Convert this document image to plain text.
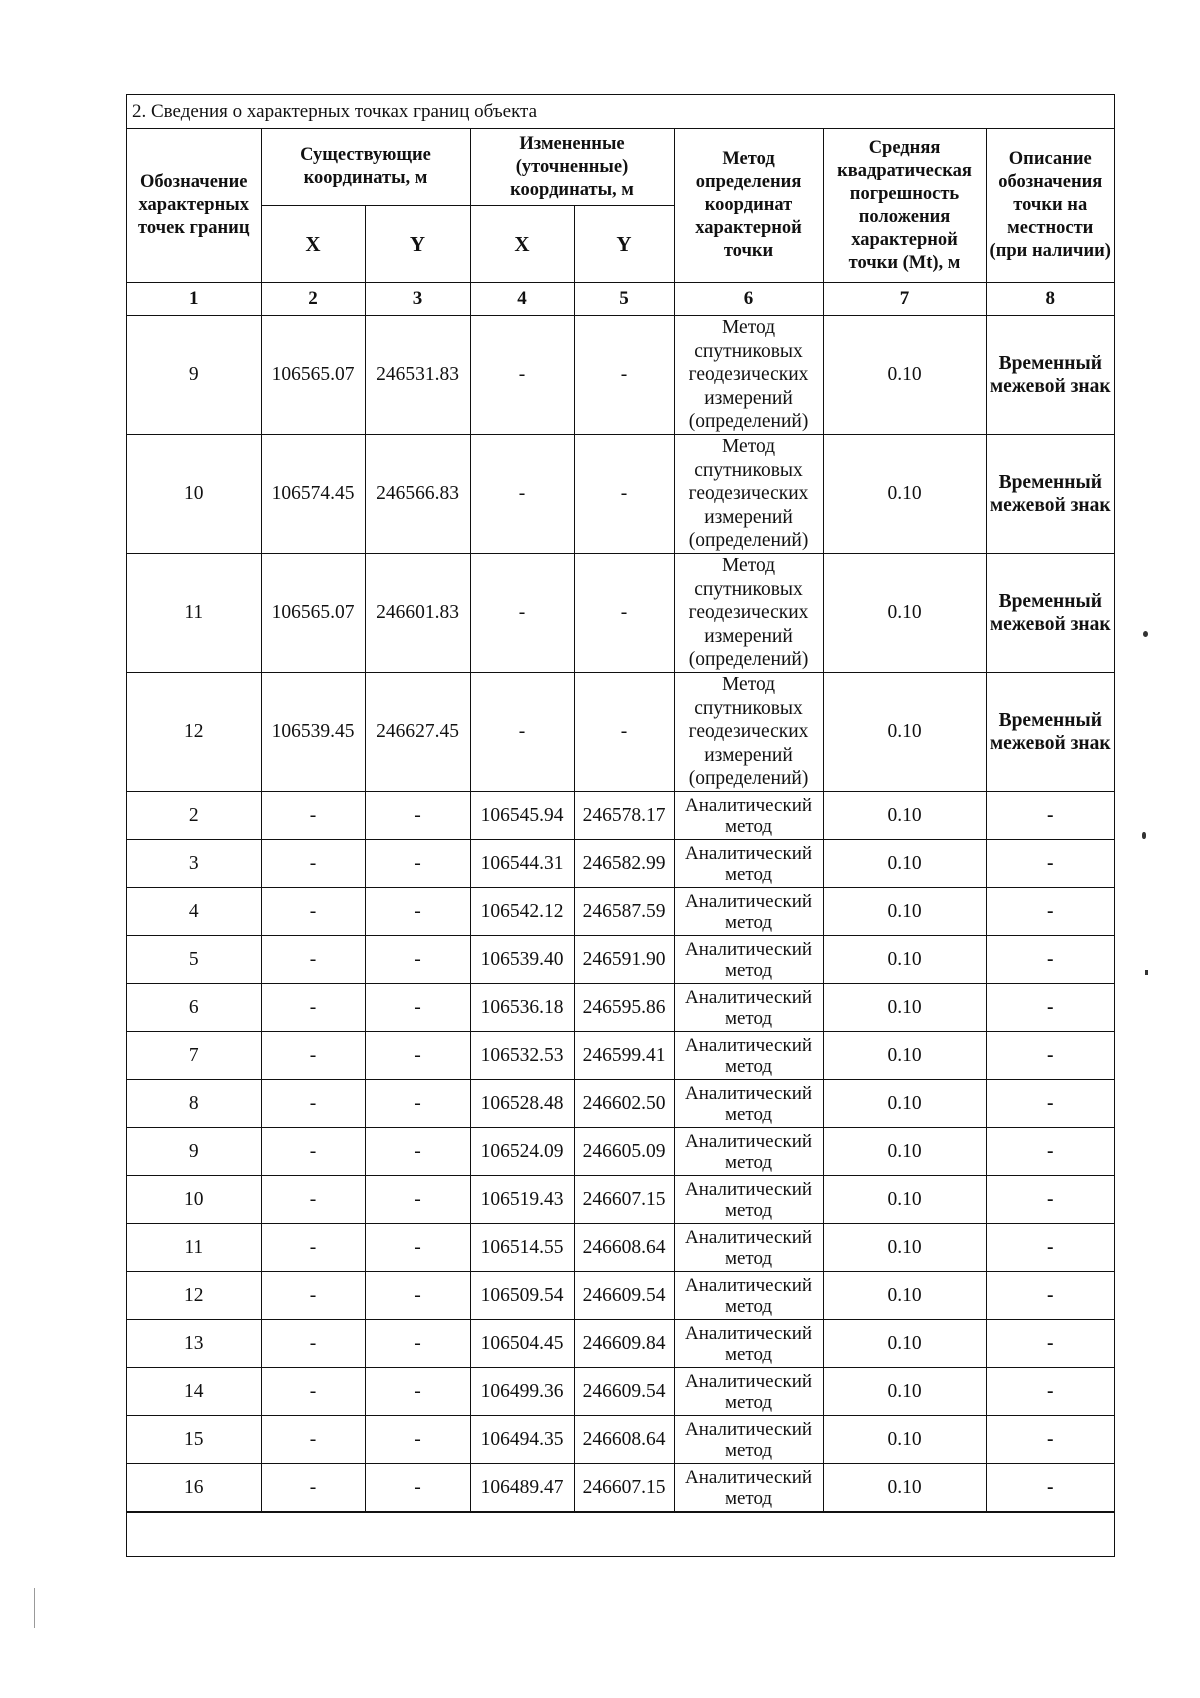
2. Сведения о характерных точках границ объекта
Обозначение характерных точек границ	Существующие координаты, м		Измененные (уточненные) координаты, м		Метод определения координат характерной точки	Средняя квадратическая погрешность положения характерной точки (Mt), м	Описание обозначения точки на местности (при наличии)
	X	Y	X	Y			
1	2	3	4	5	6	7	8
9	106565.07	246531.83	-	-	Метод спутниковых геодезических измерений (определений)	0.10	Временный межевой знак
10	106574.45	246566.83	-	-	Метод спутниковых геодезических измерений (определений)	0.10	Временный межевой знак
11	106565.07	246601.83	-	-	Метод спутниковых геодезических измерений (определений)	0.10	Временный межевой знак
12	106539.45	246627.45	-	-	Метод спутниковых геодезических измерений (определений)	0.10	Временный межевой знак
2	-	-	106545.94	246578.17	Аналитический метод	0.10	-
3	-	-	106544.31	246582.99	Аналитический метод	0.10	-
4	-	-	106542.12	246587.59	Аналитический метод	0.10	-
5	-	-	106539.40	246591.90	Аналитический метод	0.10	-
6	-	-	106536.18	246595.86	Аналитический метод	0.10	-
7	-	-	106532.53	246599.41	Аналитический метод	0.10	-
8	-	-	106528.48	246602.50	Аналитический метод	0.10	-
9	-	-	106524.09	246605.09	Аналитический метод	0.10	-
10	-	-	106519.43	246607.15	Аналитический метод	0.10	-
11	-	-	106514.55	246608.64	Аналитический метод	0.10	-
12	-	-	106509.54	246609.54	Аналитический метод	0.10	-
13	-	-	106504.45	246609.84	Аналитический метод	0.10	-
14	-	-	106499.36	246609.54	Аналитический метод	0.10	-
15	-	-	106494.35	246608.64	Аналитический метод	0.10	-
16	-	-	106489.47	246607.15	Аналитический метод	0.10	-
